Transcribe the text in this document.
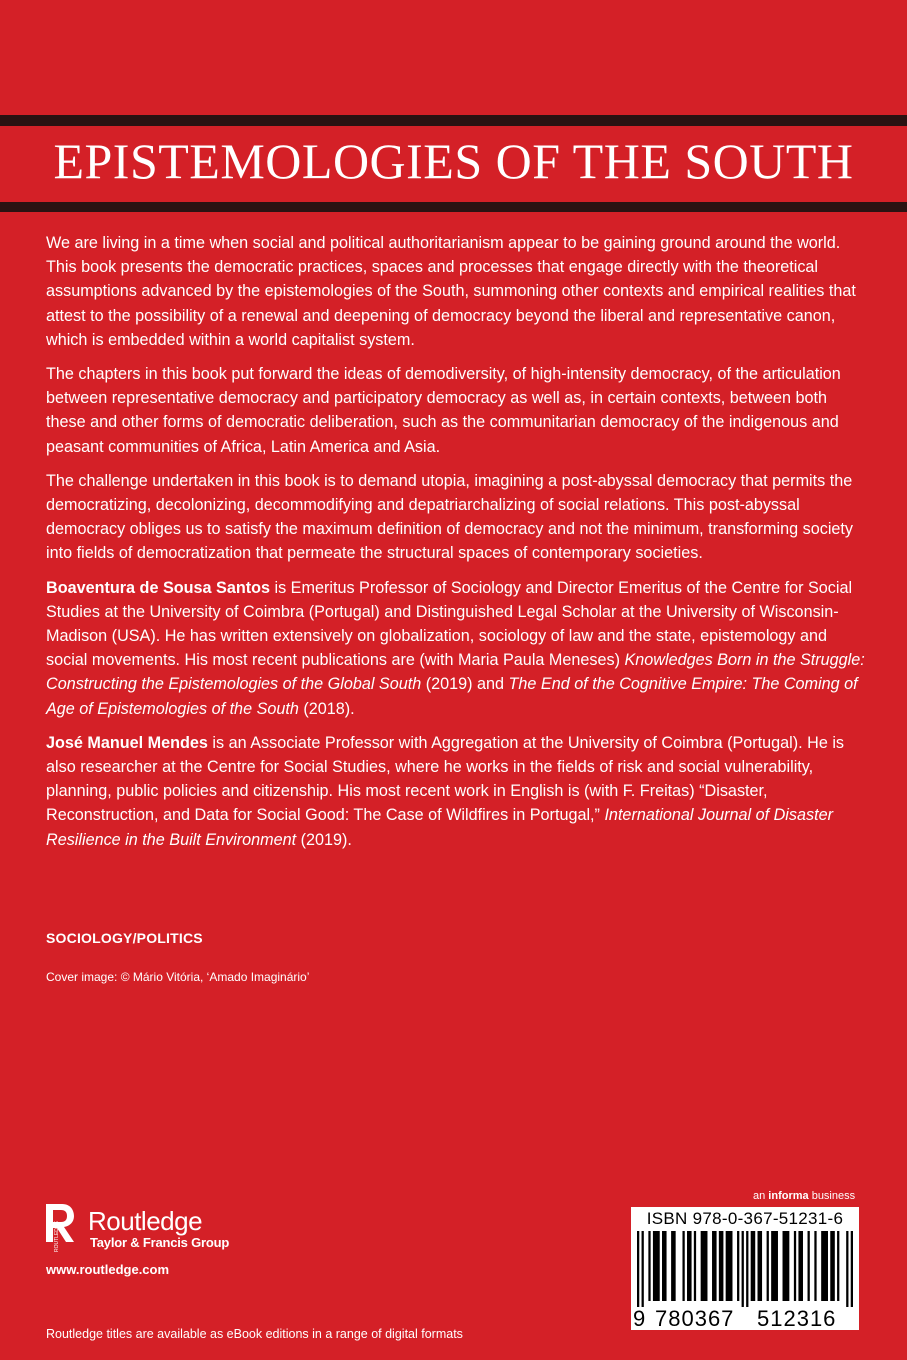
EPISTEMOLOGIES OF THE SOUTH

We are living in a time when social and political authoritarianism appear to be gaining ground around the world. This book presents the democratic practices, spaces and processes that engage directly with the theoretical assumptions advanced by the epistemologies of the South, summoning other contexts and empirical realities that attest to the possibility of a renewal and deepening of democracy beyond the liberal and representative canon, which is embedded within a world capitalist system.

The chapters in this book put forward the ideas of demodiversity, of high-intensity democracy, of the articulation between representative democracy and participatory democracy as well as, in certain contexts, between both these and other forms of democratic deliberation, such as the communitarian democracy of the indigenous and peasant communities of Africa, Latin America and Asia.

The challenge undertaken in this book is to demand utopia, imagining a post-abyssal democracy that permits the democratizing, decolonizing, decommodifying and depatriarchalizing of social relations. This post-abyssal democracy obliges us to satisfy the maximum definition of democracy and not the minimum, transforming society into fields of democratization that permeate the structural spaces of contemporary societies.

Boaventura de Sousa Santos is Emeritus Professor of Sociology and Director Emeritus of the Centre for Social Studies at the University of Coimbra (Portugal) and Distinguished Legal Scholar at the University of Wisconsin-Madison (USA). He has written extensively on globalization, sociology of law and the state, epistemology and social movements. His most recent publications are (with Maria Paula Meneses) Knowledges Born in the Struggle: Constructing the Epistemologies of the Global South (2019) and The End of the Cognitive Empire: The Coming of Age of Epistemologies of the South (2018).

José Manuel Mendes is an Associate Professor with Aggregation at the University of Coimbra (Portugal). He is also researcher at the Centre for Social Studies, where he works in the fields of risk and social vulnerability, planning, public policies and citizenship. His most recent work in English is (with F. Freitas) “Disaster, Reconstruction, and Data for Social Good: The Case of Wildfires in Portugal,” International Journal of Disaster Resilience in the Built Environment (2019).

SOCIOLOGY/POLITICS
Cover image: © Mário Vitória, ‘Amado Imaginário’
ROUTLEDGE Routledge
Taylor & Francis Group
www.routledge.com
Routledge titles are available as eBook editions in a range of digital formats
an informa business
ISBN 978-0-367-51231-6
9 780367 512316
